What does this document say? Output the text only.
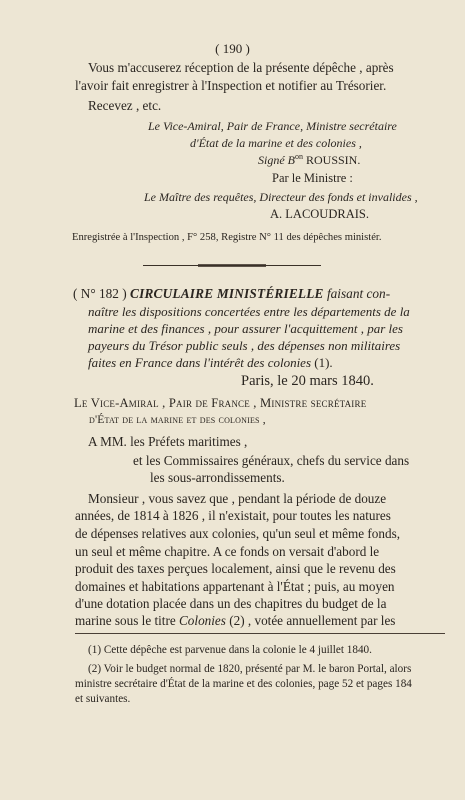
( 190 )
Vous m'accuserez réception de la présente dépêche , après
l'avoir fait enregistrer à l'Inspection et notifier au Trésorier.
Recevez , etc.
Le Vice-Amiral, Pair de France, Ministre secrétaire
d'État de la marine et des colonies ,
Signé $B^{on}$ ROUSSIN.
Par le Ministre :
Le Maître des requêtes, Directeur des fonds et invalides ,
A. LACOUDRAIS.
Enregistrée à l'Inspection , F° 258, Registre N° 11 des dépêches ministér.
( N° 182 ) CIRCULAIRE MINISTÉRIELLE faisant con-
naître les dispositions concertées entre les départements de la
marine et des finances , pour assurer l'acquittement , par les
payeurs du Trésor public seuls , des dépenses non militaires
faites en France dans l'intérêt des colonies (1).
Paris, le 20 mars 1840.
Le Vice-Amiral , Pair de France , Ministre secrétaire
d'État de la marine et des colonies ,
A MM. les Préfets maritimes ,
et les Commissaires généraux, chefs du service dans
les sous-arrondissements.
Monsieur , vous savez que , pendant la période de douze
années, de 1814 à 1826 , il n'existait, pour toutes les natures
de dépenses relatives aux colonies, qu'un seul et même fonds,
un seul et même chapitre. A ce fonds on versait d'abord le
produit des taxes perçues localement, ainsi que le revenu des
domaines et habitations appartenant à l'État ; puis, au moyen
d'une dotation placée dans un des chapitres du budget de la
marine sous le titre Colonies (2) , votée annuellement par les
(1) Cette dépêche est parvenue dans la colonie le 4 juillet 1840.
(2) Voir le budget normal de 1820, présenté par M. le baron Portal, alors
ministre secrétaire d'État de la marine et des colonies, page 52 et pages 184
et suivantes.
